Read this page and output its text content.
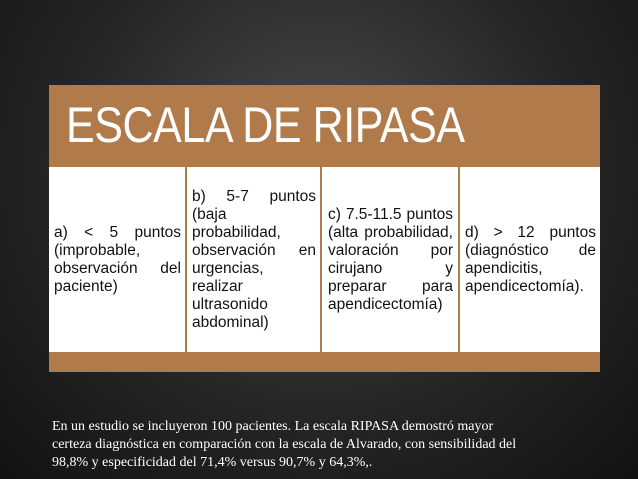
ESCALA DE RIPASA
a) < 5 puntos (improbable, observación del paciente)
b) 5-7 puntos (baja probabilidad, observación en urgencias, realizar ultrasonido abdominal)
c) 7.5-11.5 puntos (alta probabilidad, valoración por cirujano y preparar para apendicectomía)
d) > 12 puntos (diagnóstico de apendicitis, apendicectomía).

En un estudio se incluyeron 100 pacientes. La escala RIPASA demostró mayor

certeza diagnóstica en comparación con la escala de Alvarado, con sensibilidad del

98,8% y especificidad del 71,4% versus 90,7% y 64,3%,.
